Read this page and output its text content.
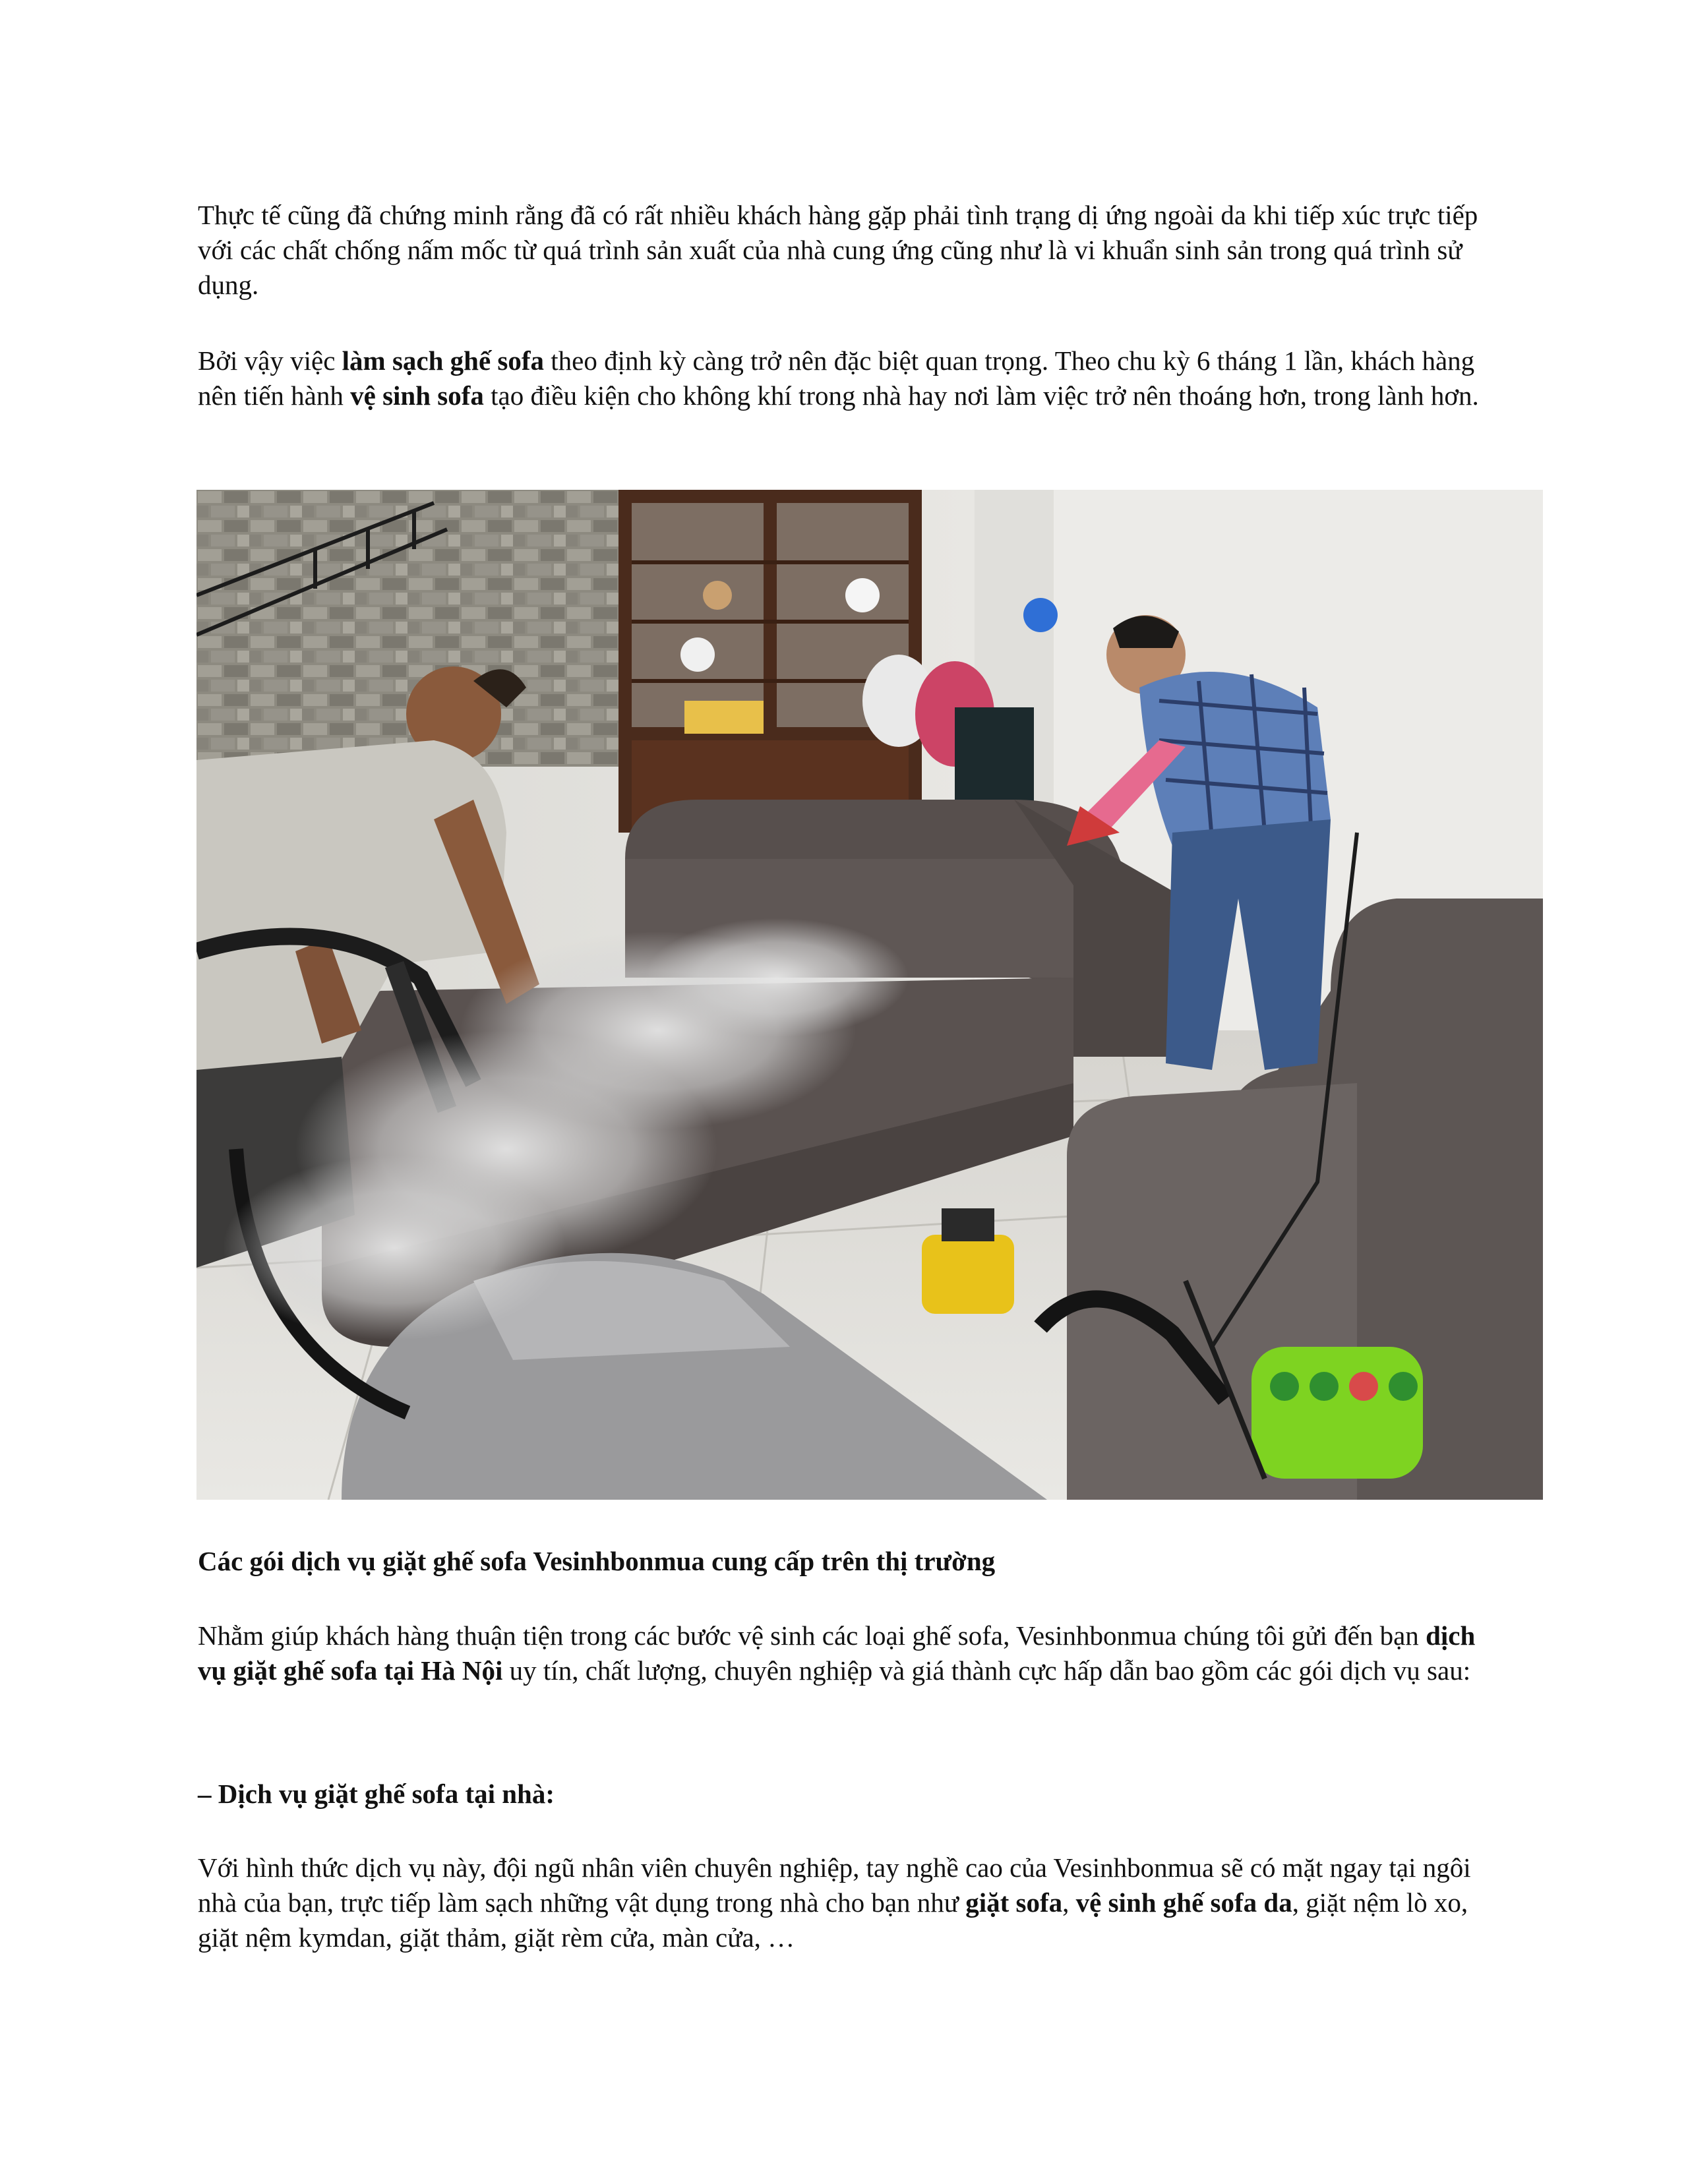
Thực tế cũng đã chứng minh rằng đã có rất nhiều khách hàng gặp phải tình trạng dị ứng ngoài da khi tiếp xúc trực tiếp với các chất chống nấm mốc từ quá trình sản xuất của nhà cung ứng cũng như là vi khuẩn sinh sản trong quá trình sử dụng.

Bởi vậy việc làm sạch ghế sofa theo định kỳ càng trở nên đặc biệt quan trọng. Theo chu kỳ 6 tháng 1 lần, khách hàng nên tiến hành vệ sinh sofa tạo điều kiện cho không khí trong nhà hay nơi làm việc trở nên thoáng hơn, trong lành hơn.

Các gói dịch vụ giặt ghế sofa Vesinhbonmua cung cấp trên thị trường

Nhằm giúp khách hàng thuận tiện trong các bước vệ sinh các loại ghế sofa, Vesinhbonmua chúng tôi gửi đến bạn dịch vụ giặt ghế sofa tại Hà Nội uy tín, chất lượng, chuyên nghiệp và giá thành cực hấp dẫn bao gồm các gói dịch vụ sau:

– Dịch vụ giặt ghế sofa tại nhà:

Với hình thức dịch vụ này, đội ngũ nhân viên chuyên nghiệp, tay nghề cao của Vesinhbonmua sẽ có mặt ngay tại ngôi nhà của bạn, trực tiếp làm sạch những vật dụng trong nhà cho bạn như giặt sofa, vệ sinh ghế sofa da, giặt nệm lò xo, giặt nệm kymdan, giặt thảm, giặt rèm cửa, màn cửa, …
